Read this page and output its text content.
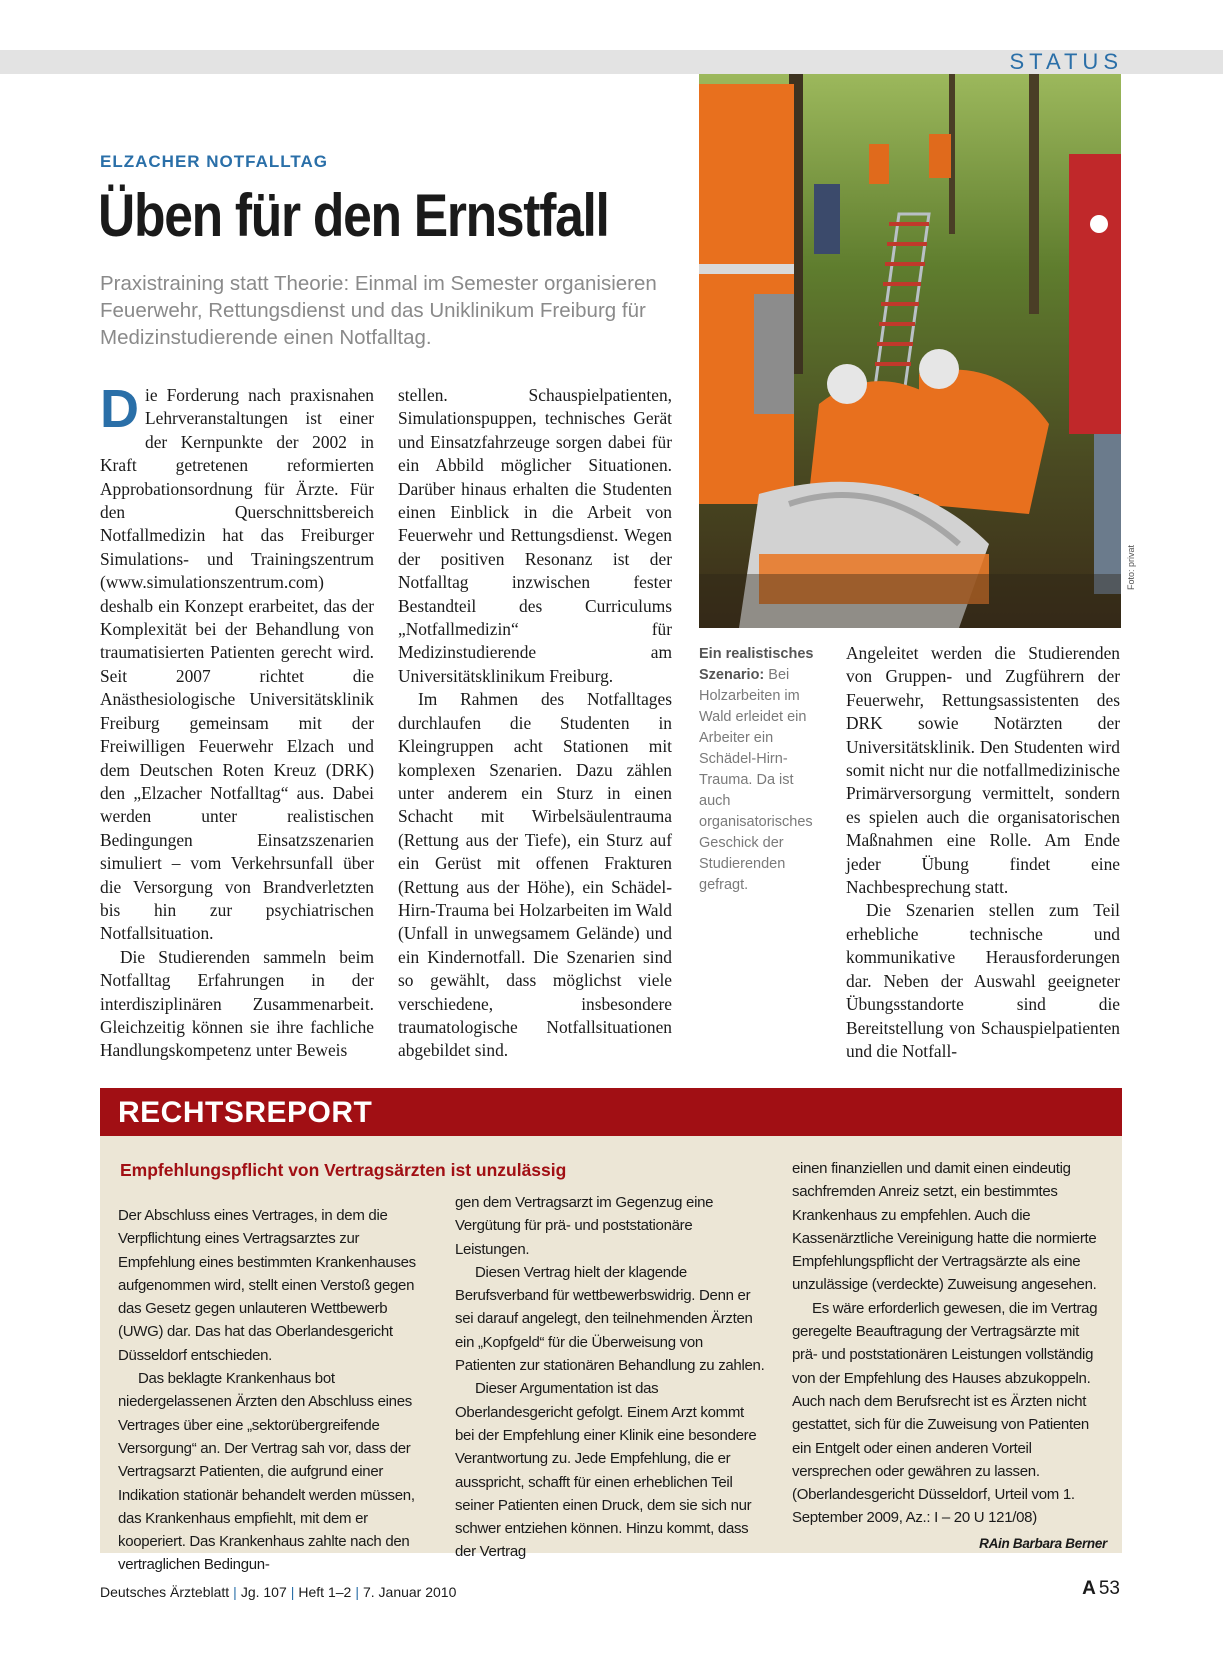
STATUS
ELZACHER NOTFALLTAG
Üben für den Ernstfall
Praxistraining statt Theorie: Einmal im Semester organisieren Feuerwehr, Rettungsdienst und das Uniklinikum Freiburg für Medizinstudierende einen Notfalltag.

Die Forderung nach praxisnahen Lehrveranstaltungen ist einer der Kernpunkte der 2002 in Kraft getretenen reformierten Approbationsordnung für Ärzte. Für den Querschnittsbereich Notfallmedizin hat das Freiburger Simulations- und Trainingszentrum (www.simulationszentrum.com) deshalb ein Konzept erarbeitet, das der Komplexität bei der Behandlung von traumatisierten Patienten gerecht wird. Seit 2007 richtet die Anästhesiologische Universitätsklinik Freiburg gemeinsam mit der Freiwilligen Feuerwehr Elzach und dem Deutschen Roten Kreuz (DRK) den „Elzacher Notfalltag“ aus. Dabei werden unter realistischen Bedingungen Einsatzszenarien simuliert – vom Verkehrsunfall über die Versorgung von Brandverletzten bis hin zur psychiatrischen Notfallsituation.

Die Studierenden sammeln beim Notfalltag Erfahrungen in der interdisziplinären Zusammenarbeit. Gleichzeitig können sie ihre fachliche Handlungskompetenz unter Beweis

stellen. Schauspielpatienten, Simulationspuppen, technisches Gerät und Einsatzfahrzeuge sorgen dabei für ein Abbild möglicher Situationen. Darüber hinaus erhalten die Studenten einen Einblick in die Arbeit von Feuerwehr und Rettungsdienst. Wegen der positiven Resonanz ist der Notfalltag inzwischen fester Bestandteil des Curriculums „Notfallmedizin“ für Medizinstudierende am Universitätsklinikum Freiburg.

Im Rahmen des Notfalltages durchlaufen die Studenten in Kleingruppen acht Stationen mit komplexen Szenarien. Dazu zählen unter anderem ein Sturz in einen Schacht mit Wirbelsäulentrauma (Rettung aus der Tiefe), ein Sturz auf ein Gerüst mit offenen Frakturen (Rettung aus der Höhe), ein Schädel-Hirn-Trauma bei Holzarbeiten im Wald (Unfall in unwegsamem Gelände) und ein Kindernotfall. Die Szenarien sind so gewählt, dass möglichst viele verschiedene, insbesondere traumatologische Notfallsituationen abgebildet sind.

Foto: privat
Ein realistisches Szenario: Bei Holzarbeiten im Wald erleidet ein Arbeiter ein Schädel-Hirn-Trauma. Da ist auch organisatorisches Geschick der Studierenden gefragt.

Angeleitet werden die Studierenden von Gruppen- und Zugführern der Feuerwehr, Rettungsassistenten des DRK sowie Notärzten der Universitätsklinik. Den Studenten wird somit nicht nur die notfallmedizinische Primärversorgung vermittelt, sondern es spielen auch die organisatorischen Maßnahmen eine Rolle. Am Ende jeder Übung findet eine Nachbesprechung statt.

Die Szenarien stellen zum Teil erhebliche technische und kommunikative Herausforderungen dar. Neben der Auswahl geeigneter Übungsstandorte sind die Bereitstellung von Schauspielpatienten und die Notfall-

RECHTSREPORT
Empfehlungspflicht von Vertragsärzten ist unzulässig

Der Abschluss eines Vertrages, in dem die Verpflichtung eines Vertragsarztes zur Empfehlung eines bestimmten Krankenhauses aufgenommen wird, stellt einen Verstoß gegen das Gesetz gegen unlauteren Wettbewerb (UWG) dar. Das hat das Oberlandesgericht Düsseldorf entschieden.

Das beklagte Krankenhaus bot niedergelassenen Ärzten den Abschluss eines Vertrages über eine „sektorübergreifende Versorgung“ an. Der Vertrag sah vor, dass der Vertragsarzt Patienten, die aufgrund einer Indikation stationär behandelt werden müssen, das Krankenhaus empfiehlt, mit dem er kooperiert. Das Krankenhaus zahlte nach den vertraglichen Bedingun-

gen dem Vertragsarzt im Gegenzug eine Vergütung für prä- und poststationäre Leistungen.

Diesen Vertrag hielt der klagende Berufsverband für wettbewerbswidrig. Denn er sei darauf angelegt, den teilnehmenden Ärzten ein „Kopfgeld“ für die Überweisung von Patienten zur stationären Behandlung zu zahlen.

Dieser Argumentation ist das Oberlandesgericht gefolgt. Einem Arzt kommt bei der Empfehlung einer Klinik eine besondere Verantwortung zu. Jede Empfehlung, die er ausspricht, schafft für einen erheblichen Teil seiner Patienten einen Druck, dem sie sich nur schwer entziehen können. Hinzu kommt, dass der Vertrag

einen finanziellen und damit einen eindeutig sachfremden Anreiz setzt, ein bestimmtes Krankenhaus zu empfehlen. Auch die Kassenärztliche Vereinigung hatte die normierte Empfehlungspflicht der Vertragsärzte als eine unzulässige (verdeckte) Zuweisung angesehen.

Es wäre erforderlich gewesen, die im Vertrag geregelte Beauftragung der Vertragsärzte mit prä- und poststationären Leistungen vollständig von der Empfehlung des Hauses abzukoppeln. Auch nach dem Berufsrecht ist es Ärzten nicht gestattet, sich für die Zuweisung von Patienten ein Entgelt oder einen anderen Vorteil versprechen oder gewähren zu lassen. (Oberlandesgericht Düsseldorf, Urteil vom 1. September 2009, Az.: I – 20 U 121/08)
RAin Barbara Berner

Deutsches Ärzteblatt | Jg. 107 | Heft 1–2 | 7. Januar 2010	A 53
